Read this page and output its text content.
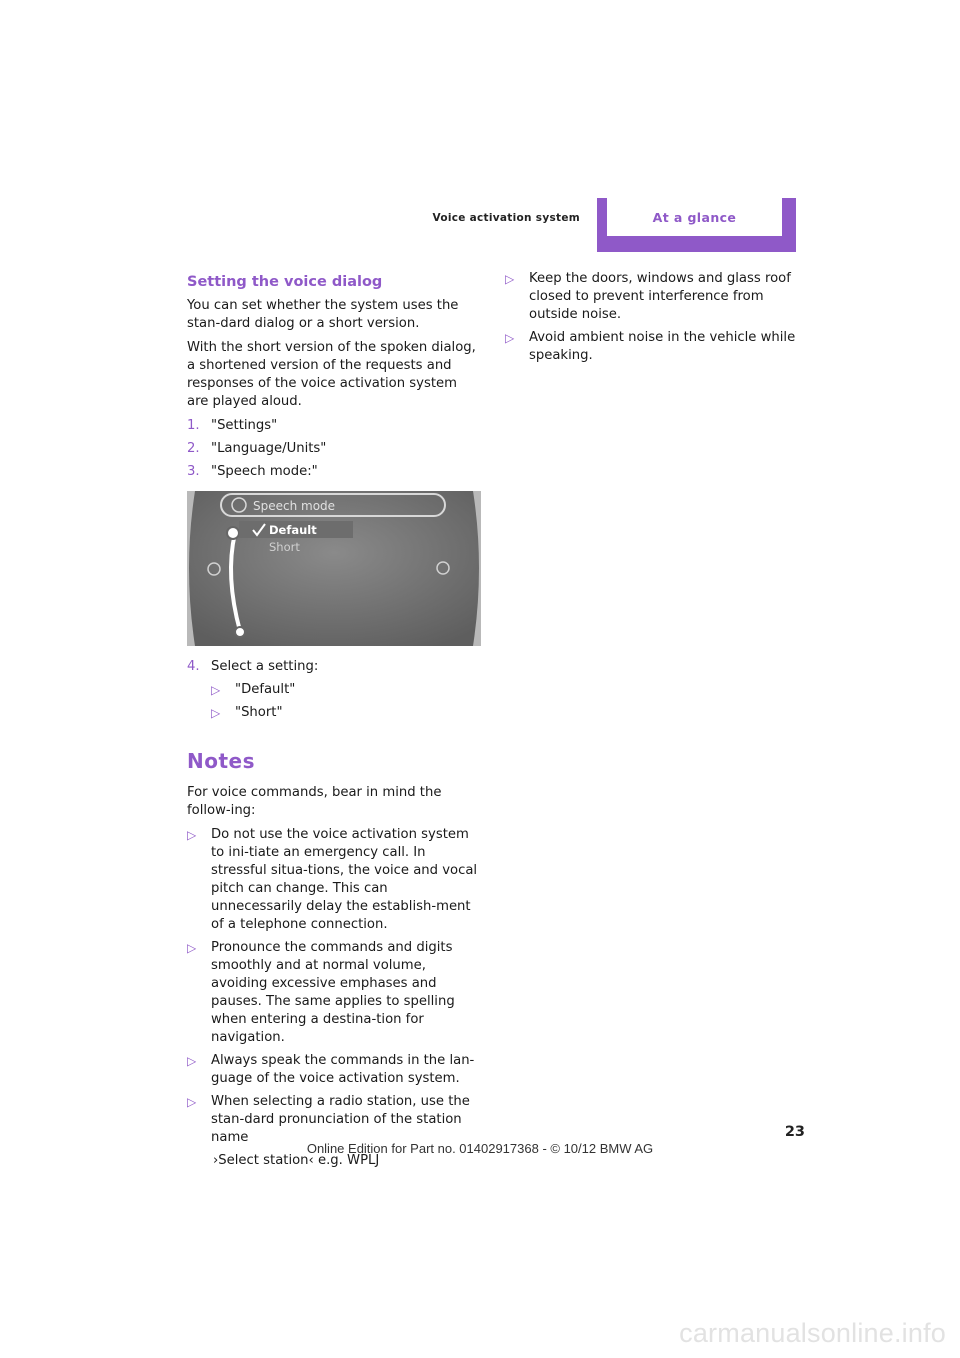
Voice activation system	At a glance
Setting the voice dialog

You can set whether the system uses the stan-dard dialog or a short version.

With the short version of the spoken dialog, a shortened version of the requests and responses of the voice activation system are played aloud.

1. "Settings"
2. "Language/Units"
3. "Speech mode:"
Speech mode
Default
Short
4. Select a setting:
▷	"Default"
▷	"Short"
Notes

For voice commands, bear in mind the follow-ing:

▷	Do not use the voice activation system to ini-tiate an emergency call. In stressful situa-tions, the voice and vocal pitch can change. This can unnecessarily delay the establish-ment of a telephone connection.
▷	Pronounce the commands and digits smoothly and at normal volume, avoiding excessive emphases and pauses. The same applies to spelling when entering a destina-tion for navigation.
▷	Always speak the commands in the lan-guage of the voice activation system.
▷	When selecting a radio station, use the stan-dard pronunciation of the station name
›Select station‹ e.g. WPLJ
▷	Keep the doors, windows and glass roof closed to prevent interference from outside noise.
▷	Avoid ambient noise in the vehicle while speaking.
23
Online Edition for Part no. 01402917368 - © 10/12 BMW AG
carmanualsonline.info
